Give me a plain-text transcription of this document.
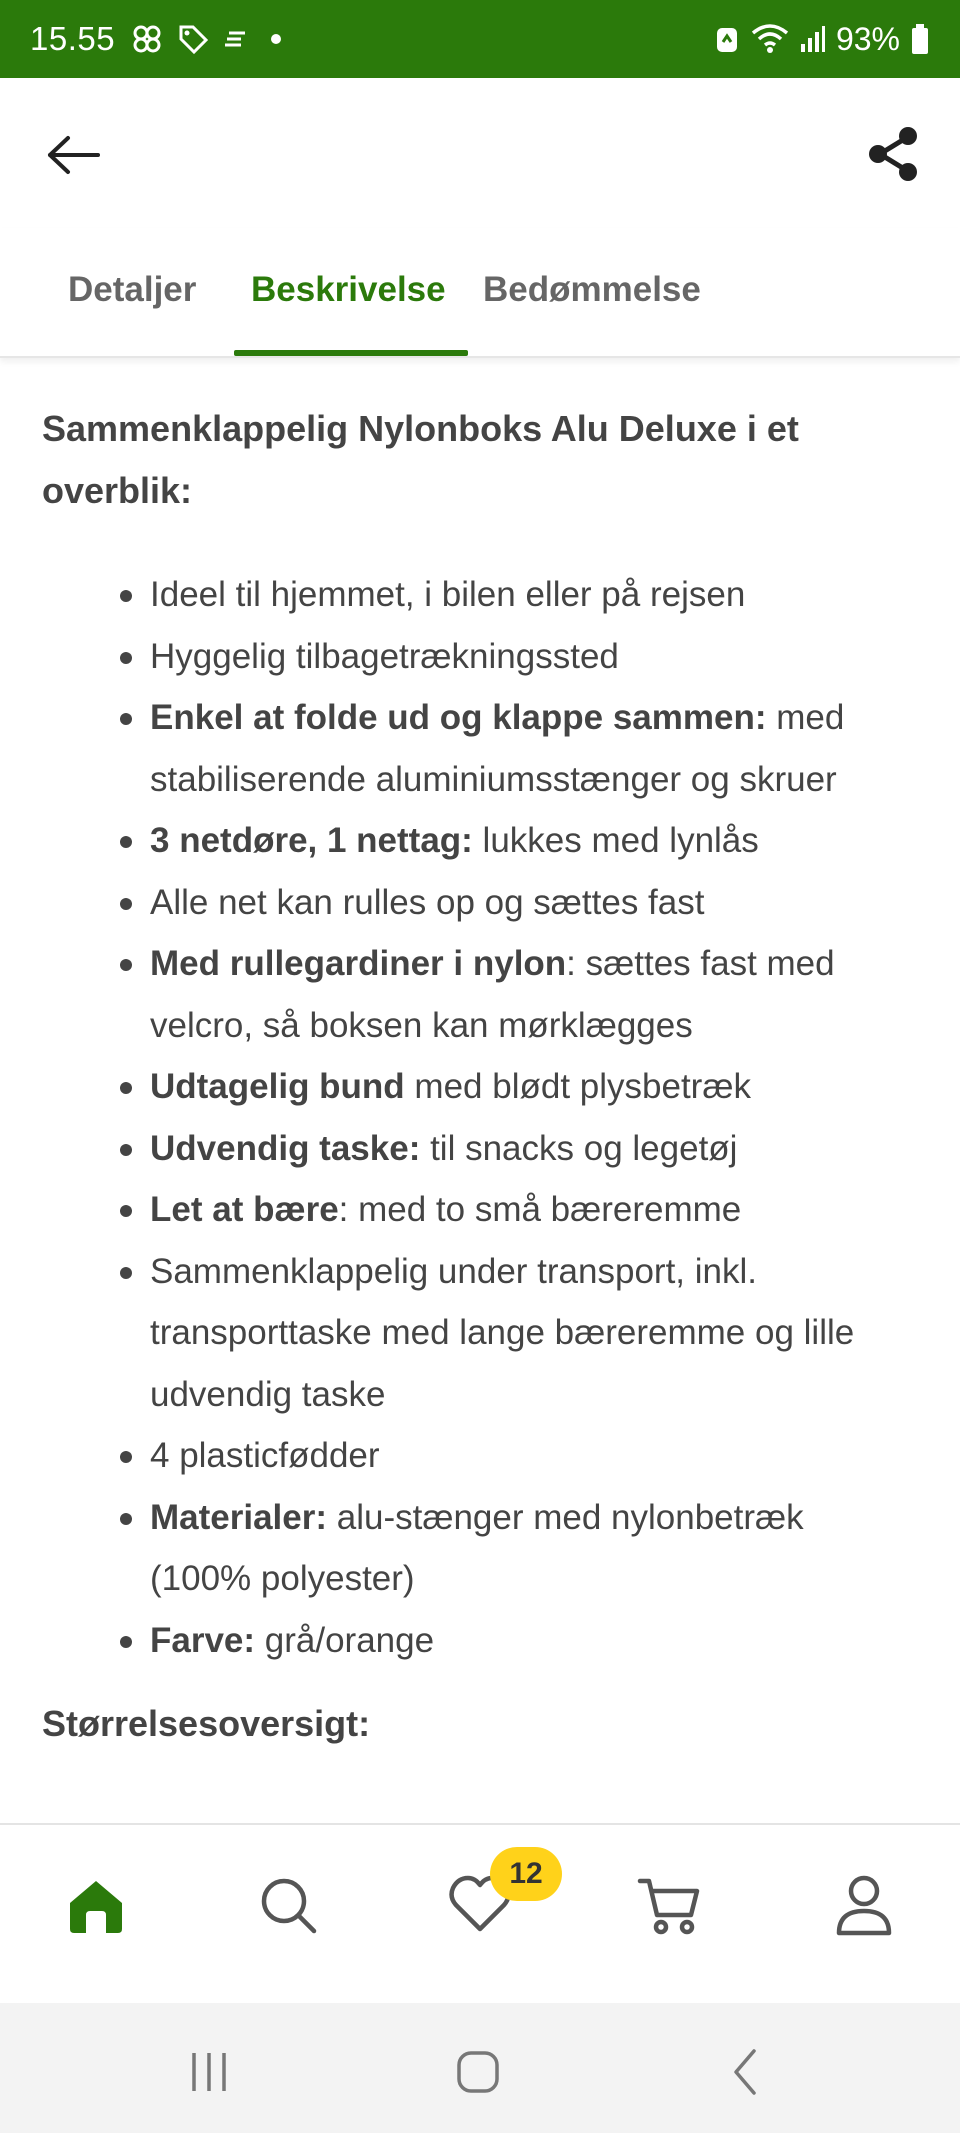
15.55	93%
Detaljer Beskrivelse Bedømmelse
Sammenklappelig Nylonboks Alu Deluxe i et overblik:
Ideel til hjemmet, i bilen eller på rejsen
Hyggelig tilbagetrækningssted
Enkel at folde ud og klappe sammen: med stabiliserende aluminiumsstænger og skruer
3 netdøre, 1 nettag: lukkes med lynlås
Alle net kan rulles op og sættes fast
Med rullegardiner i nylon: sættes fast med velcro, så boksen kan mørklægges
Udtagelig bund med blødt plysbetræk
Udvendig taske: til snacks og legetøj
Let at bære: med to små bæreremme
Sammenklappelig under transport, inkl. transporttaske med lange bæreremme og lille udvendig taske
4 plasticfødder
Materialer: alu-stænger med nylonbetræk (100% polyester)
Farve: grå/orange
Størrelsesoversigt:
12
